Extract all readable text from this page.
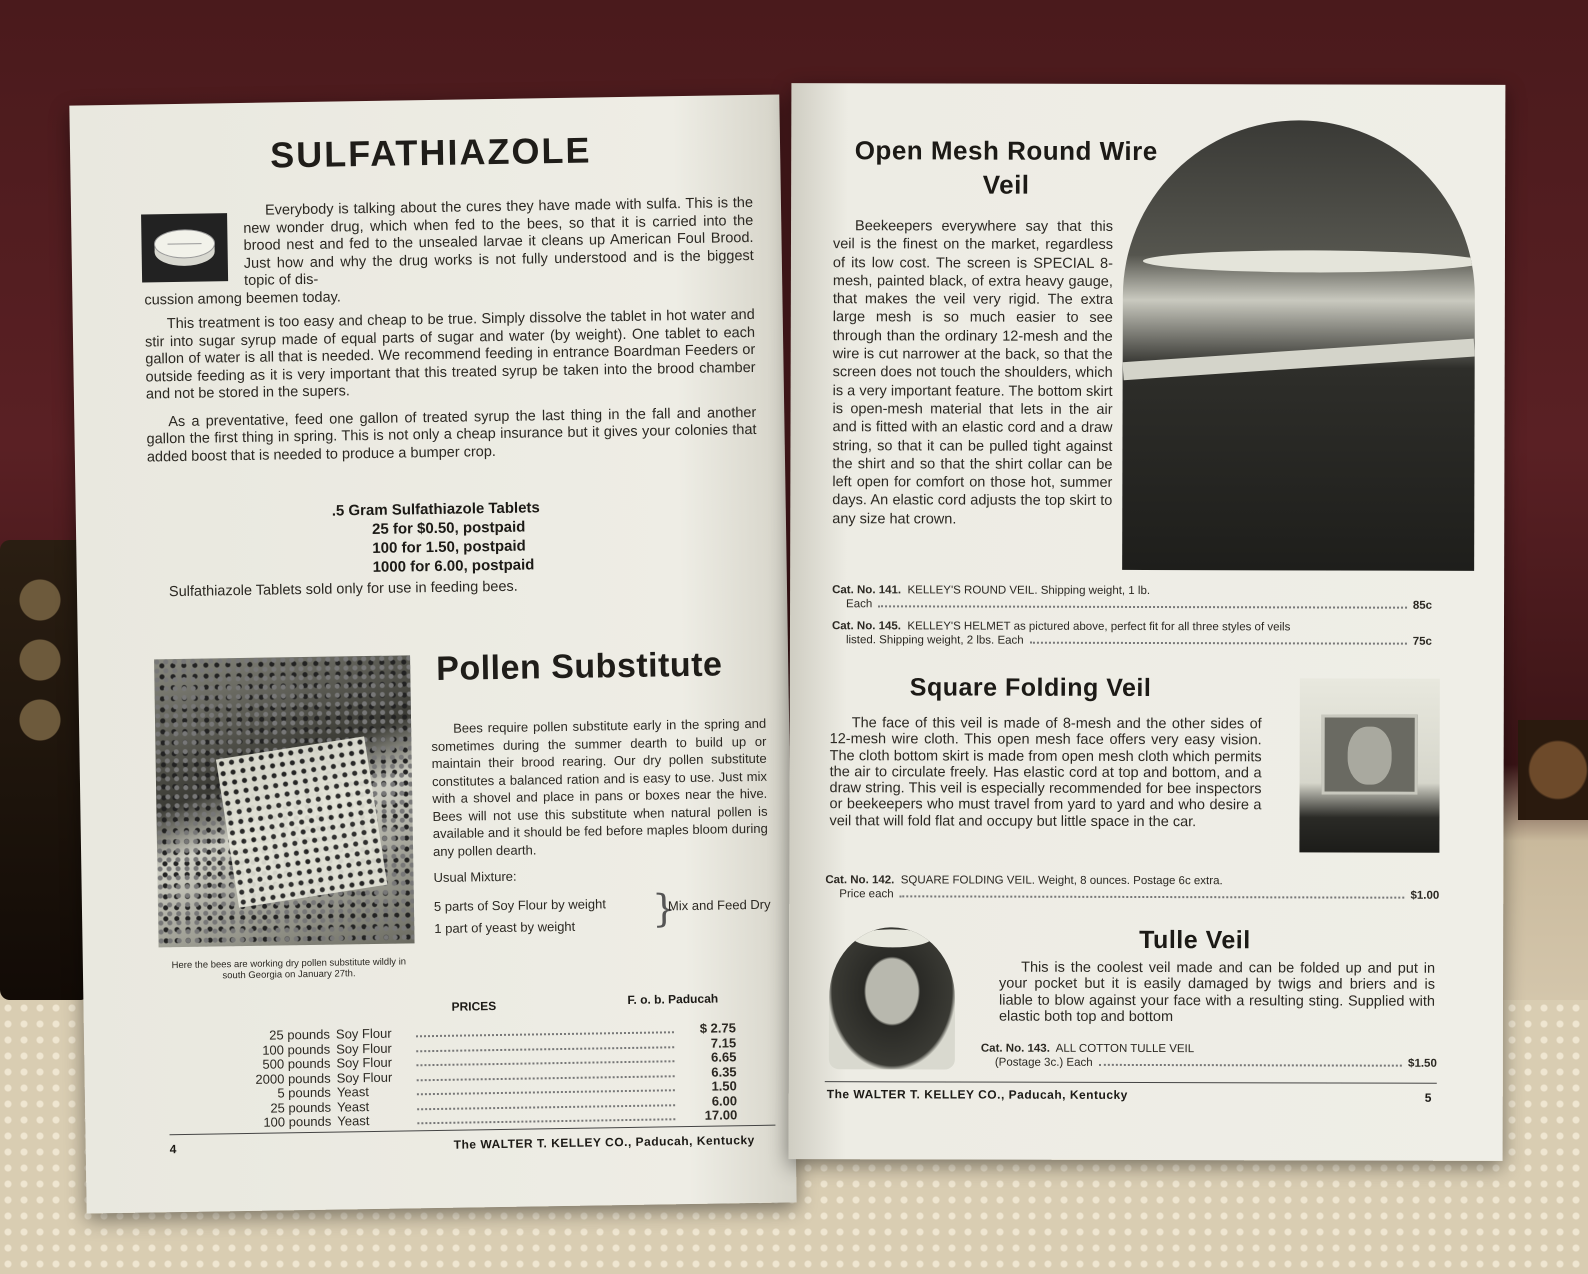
SULFATHIAZOLE

Everybody is talking about the cures they have made with sulfa. This is the new wonder drug, which when fed to the bees, so that it is carried into the brood nest and fed to the unsealed larvae it cleans up American Foul Brood. Just how and why the drug works is not fully understood and is the biggest topic of dis-

cussion among beemen today.

This treatment is too easy and cheap to be true. Simply dissolve the tablet in hot water and stir into sugar syrup made of equal parts of sugar and water (by weight). One tablet to each gallon of water is all that is needed. We recommend feeding in entrance Boardman Feeders or outside feeding as it is very important that this treated syrup be taken into the brood chamber and not be stored in the supers.

As a preventative, feed one gallon of treated syrup the last thing in the fall and another gallon the first thing in spring. This is not only a cheap insurance but it gives your colonies that added boost that is needed to produce a bumper crop.

.5 Gram Sulfathiazole Tablets
25 for $0.50, postpaid
100 for 1.50, postpaid
1000 for 6.00, postpaid
Sulfathiazole Tablets sold only for use in feeding bees.
Here the bees are working dry pollen substitute wildly in south Georgia on January 27th.
Pollen Substitute

Bees require pollen substitute early in the spring and sometimes during the summer dearth to build up or maintain their brood rearing. Our dry pollen substitute constitutes a balanced ration and is easy to use. Just mix with a shovel and place in pans or boxes near the hive. Bees will not use this substitute when natural pollen is available and it should be fed before maples bloom during any pollen dearth.

Usual Mixture:
5 parts of Soy Flour by weight
1 part of yeast by weight	}
Mix and Feed Dry
PRICES	F. o. b. Paducah
25 pounds Soy Flour	$ 2.75
100 pounds Soy Flour	7.15
500 pounds Soy Flour	6.65
2000 pounds Soy Flour	6.35
5 pounds Yeast	1.50
25 pounds Yeast	6.00
100 pounds Yeast	17.00
4	The WALTER T. KELLEY CO., Paducah, Kentucky
Open Mesh Round Wire
Veil

Beekeepers everywhere say that this veil is the finest on the market, regardless of its low cost. The screen is SPECIAL 8-mesh, painted black, of extra heavy gauge, that makes the veil very rigid. The extra large mesh is so much easier to see through than the ordinary 12-mesh and the wire is cut narrower at the back, so that the screen does not touch the shoulders, which is a very important feature. The bottom skirt is open-mesh material that lets in the air and is fitted with an elastic cord and a draw string, so that it can be pulled tight against the shirt and so that the shirt collar can be left open for comfort on those hot, summer days. An elastic cord adjusts the top skirt to any size hat crown.

Cat. No. 141. KELLEY'S ROUND VEIL. Shipping weight, 1 lb.
Each	85c
Cat. No. 145. KELLEY'S HELMET as pictured above, perfect fit for all three styles of veils
listed. Shipping weight, 2 lbs. Each	75c
Square Folding Veil

The face of this veil is made of 8-mesh and the other sides of 12-mesh wire cloth. This open mesh face offers very easy vision. The cloth bottom skirt is made from open mesh cloth which permits the air to circulate freely. Has elastic cord at top and bottom, and a draw string. This veil is especially recommended for bee inspectors or beekeepers who must travel from yard to yard and who desire a veil that will fold flat and occupy but little space in the car.

Cat. No. 142. SQUARE FOLDING VEIL. Weight, 8 ounces. Postage 6c extra.
Price each	$1.00
Tulle Veil

This is the coolest veil made and can be folded up and put in your pocket but it is easily damaged by twigs and briers and is liable to blow against your face with a resulting sting. Supplied with elastic both top and bottom

Cat. No. 143. ALL COTTON TULLE VEIL
(Postage 3c.) Each	$1.50
The WALTER T. KELLEY CO., Paducah, Kentucky	5
